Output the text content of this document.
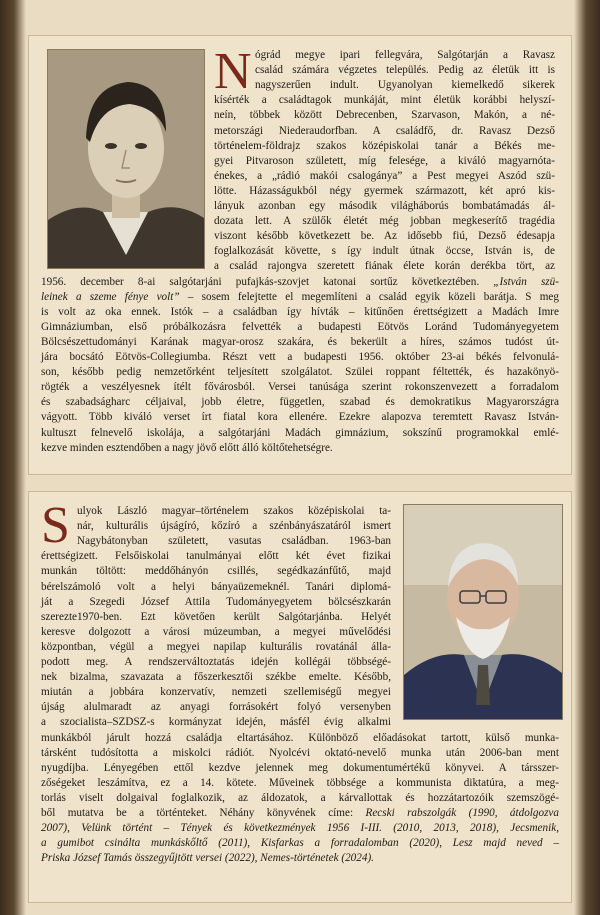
N ógrád megye ipari fellegvára, Salgótarján a Ravasz
család számára végzetes település. Pedig az életük itt is
nagyszerűen indult. Ugyanolyan kiemelkedő sikerek
kísérték a családtagok munkáját, mint életük korábbi helyszí-
neín, többek között Debrecenben, Szarvason, Makón, a né-
metországi Niederaudorfban. A családfő, dr. Ravasz Dezső
történelem-földrajz szakos középiskolai tanár a Békés me-
gyei Pitvaroson született, míg felesége, a kiváló magyarnóta-
énekes, a „rádió makói csalogánya” a Pest megyei Aszód szü-
lötte. Házasságukból négy gyermek származott, két apró kis-
lányuk azonban egy második világháborús bombatámadás ál-
dozata lett. A szülők életét még jobban megkeserítő tragédia
viszont később következett be. Az idősebb fiú, Dezső édesapja
foglalkozását követte, s így indult útnak öccse, István is, de
a család rajongva szeretett fiának élete korán derékba tört, az
1956. december 8-ai salgótarjáni pufajkás-szovjet katonai sortűz következtében. „István szü-
leinek a szeme fénye volt” – sosem felejtette el megemlíteni a család egyik közeli barátja. S meg
is volt az oka ennek. Istók – a családban így hívták – kitűnően érettségizett a Madách Imre
Gimnáziumban, első próbálkozásra felvették a budapesti Eötvös Loránd Tudományegyetem
Bölcsészettudományi Karának magyar-orosz szakára, és bekerült a híres, számos tudóst út-
jára bocsátó Eötvös-Collegiumba. Részt vett a budapesti 1956. október 23-ai békés felvonulá-
son, később pedig nemzetőrként teljesített szolgálatot. Szülei roppant féltették, és hazakönyö-
rögték a veszélyesnek ítélt fővárosból. Versei tanúsága szerint rokonszenvezett a forradalom
és szabadságharc céljaival, jobb életre, független, szabad és demokratikus Magyarországra
vágyott. Több kiváló verset írt fiatal kora ellenére. Ezekre alapozva teremtett Ravasz István-
kultuszt felnevelő iskolája, a salgótarjáni Madách gimnázium, sokszínű programokkal emlé-
kezve minden esztendőben a nagy jövő előtt álló költőtehetségre.
S ulyok László magyar–történelem szakos középiskolai ta-
nár, kulturális újságíró, kőzíró a szénbányászatáról ismert
Nagybátonyban született, vasutas családban. 1963-ban
érettségizett. Felsőiskolai tanulmányai előtt két évet fizikai
munkán töltött: meddőhányón csillés, segédkazánfűtő, majd
bérelszámoló volt a helyi bányaüzemeknél. Tanári diplomá-
ját a Szegedi József Attila Tudományegyetem bölcsészkarán
szerezte1970-ben. Ezt követően került Salgótarjánba. Helyét
keresve dolgozott a városi múzeumban, a megyei művelődési
központban, végül a megyei napilap kulturális rovatánál álla-
podott meg. A rendszerváltoztatás idején kollégái többségé-
nek bizalma, szavazata a főszerkesztői székbe emelte. Később,
miután a jobbára konzervatív, nemzeti szellemiségű megyei
újság alulmaradt az anyagi forrásokért folyó versenyben
a szocialista–SZDSZ-s kormányzat idején, másfél évig alkalmi
munkákból járult hozzá családja eltartásához. Különböző előadásokat tartott, külső munka-
társként tudósította a miskolci rádiót. Nyolcévi oktató-nevelő munka után 2006-ban ment
nyugdíjba. Lényegében ettől kezdve jelennek meg dokumentumértékű könyvei. A társszer-
zőségeket leszámítva, ez a 14. kötete. Műveinek többsége a kommunista diktatúra, a meg-
torlás viselt dolgaival foglalkozik, az áldozatok, a kárvallottak és hozzátartozóik szemszögé-
ből mutatva be a történteket. Néhány könyvének címe: Recski rabszolgák (1990, átdolgozva
2007), Velünk történt – Tények és következmények 1956 I-III. (2010, 2013, 2018), Jecsmenik,
a gumibot csinálta munkáskőltő (2011), Kisfarkas a forradalomban (2020), Lesz majd neved –
Priska József Tamás összegyűjtött versei (2022), Nemes-történetek (2024).
